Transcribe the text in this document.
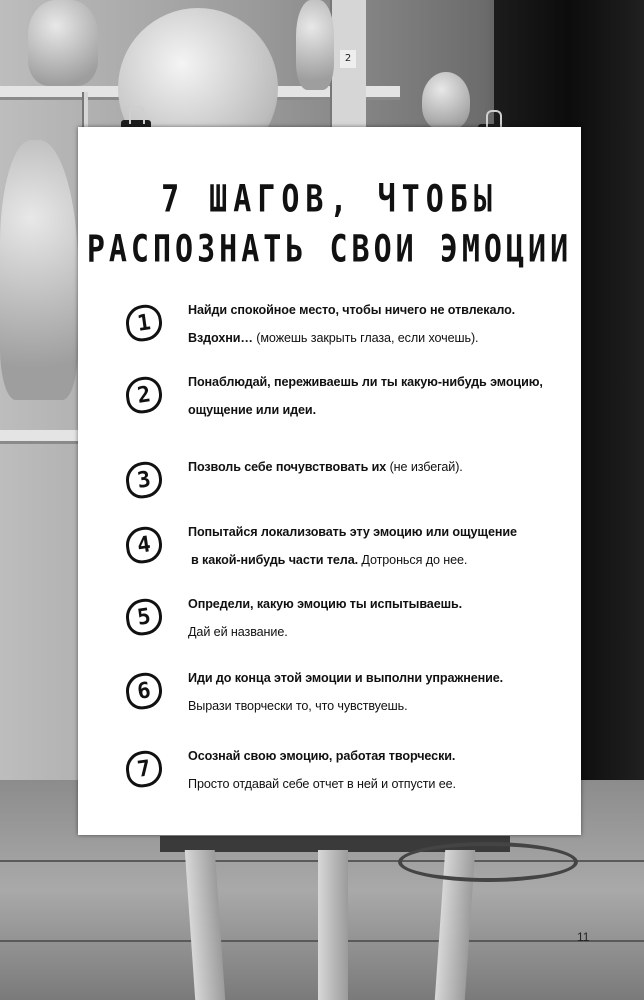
2
7 ШАГОВ, ЧТОБЫ
РАСПОЗНАТЬ СВОИ ЭМОЦИИ
1
Найди спокойное место, чтобы ничего не отвлекало.
Вздохни… (можешь закрыть глаза, если хочешь).
2
Понаблюдай, переживаешь ли ты какую-нибудь эмоцию,
ощущение или идеи.
3
Позволь себе почувствовать их (не избегай).
4
Попытайся локализовать эту эмоцию или ощущение
в какой-нибудь части тела. Дотронься до нее.
5
Определи, какую эмоцию ты испытываешь.
Дай ей название.
6
Иди до конца этой эмоции и выполни упражнение.
Вырази творчески то, что чувствуешь.
7
Осознай свою эмоцию, работая творчески.
Просто отдавай себе отчет в ней и отпусти ее.
11
